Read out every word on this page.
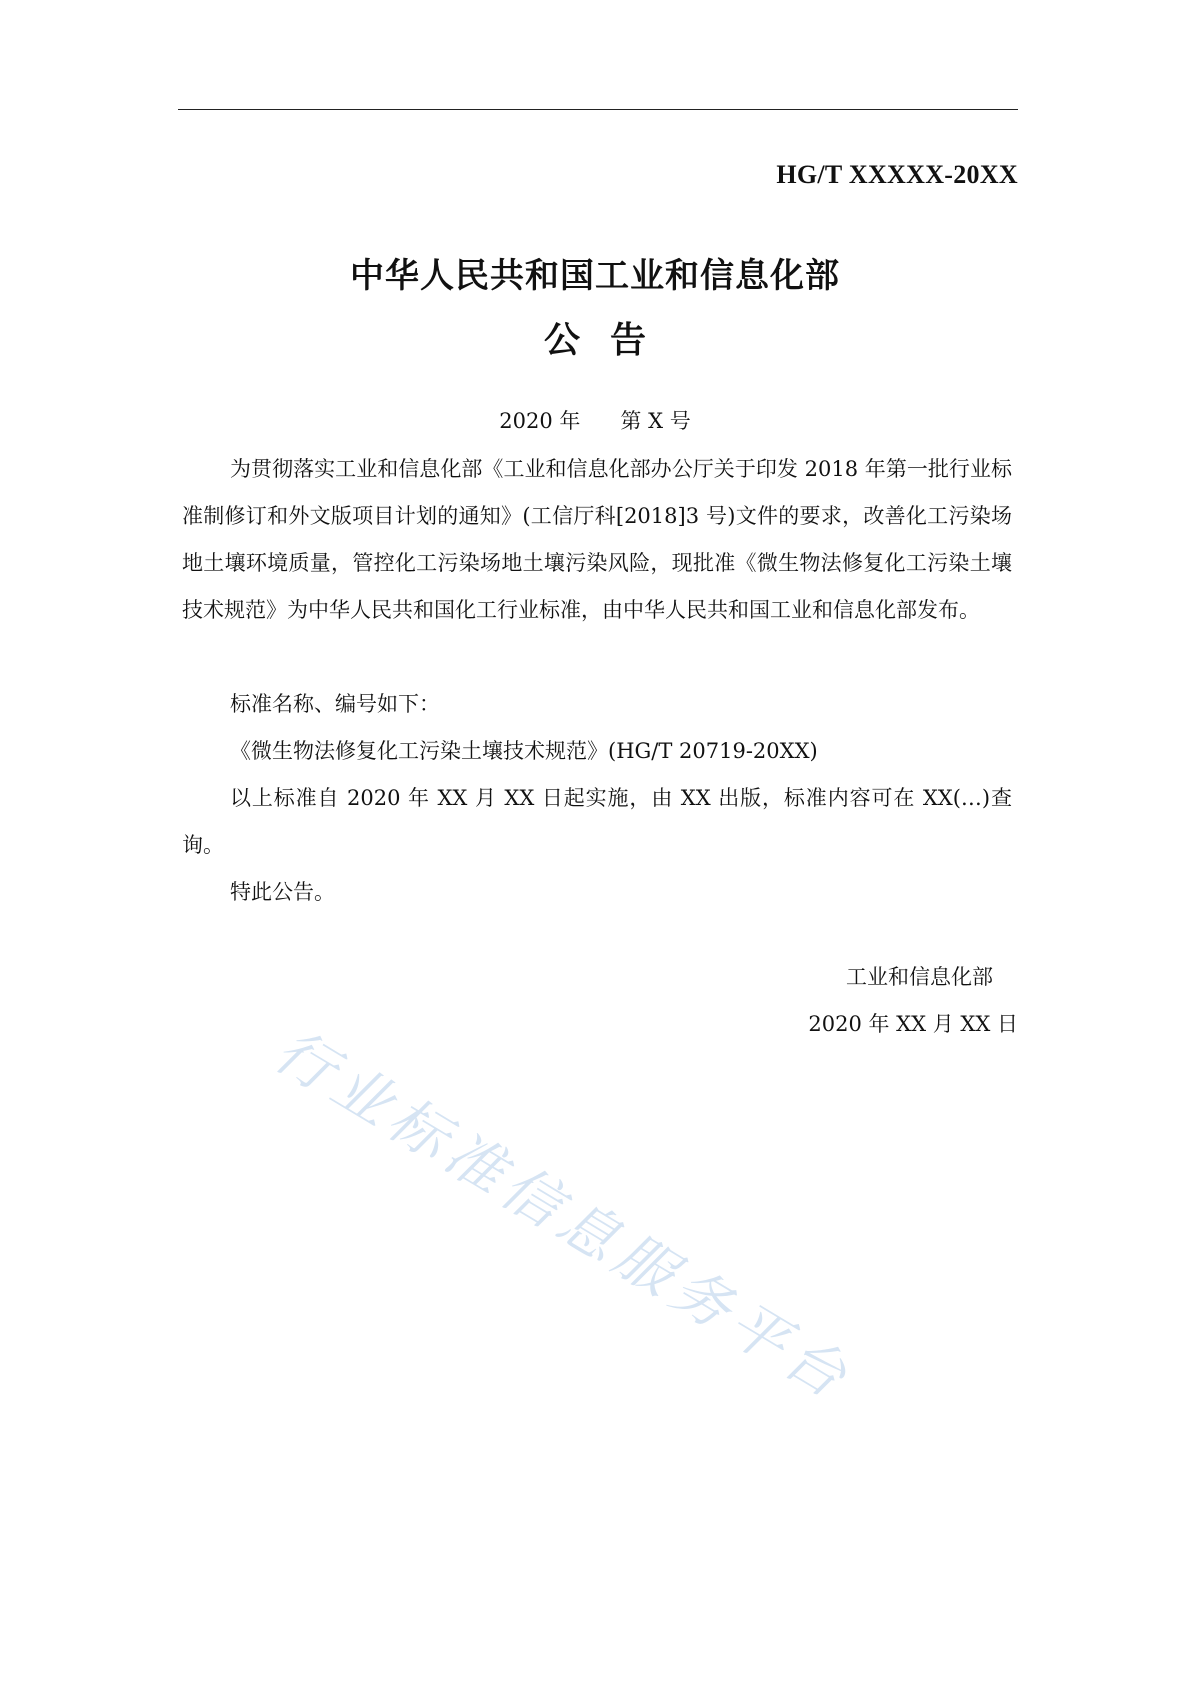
HG/T XXXXX-20XX
中华人民共和国工业和信息化部
公告
2020 年      第 X 号

为贯彻落实工业和信息化部《工业和信息化部办公厅关于印发 2018 年第一批行业标准制修订和外文版项目计划的通知》(工信厅科[2018]3 号)文件的要求，改善化工污染场地土壤环境质量，管控化工污染场地土壤污染风险，现批准《微生物法修复化工污染土壤技术规范》为中华人民共和国化工行业标准，由中华人民共和国工业和信息化部发布。

标准名称、编号如下：

《微生物法修复化工污染土壤技术规范》(HG/T 20719-20XX)

以上标准自 2020 年 XX 月 XX 日起实施，由 XX 出版，标准内容可在 XX(…)查询。

特此公告。

工业和信息化部
2020 年 XX 月 XX 日
行业标准信息服务平台
